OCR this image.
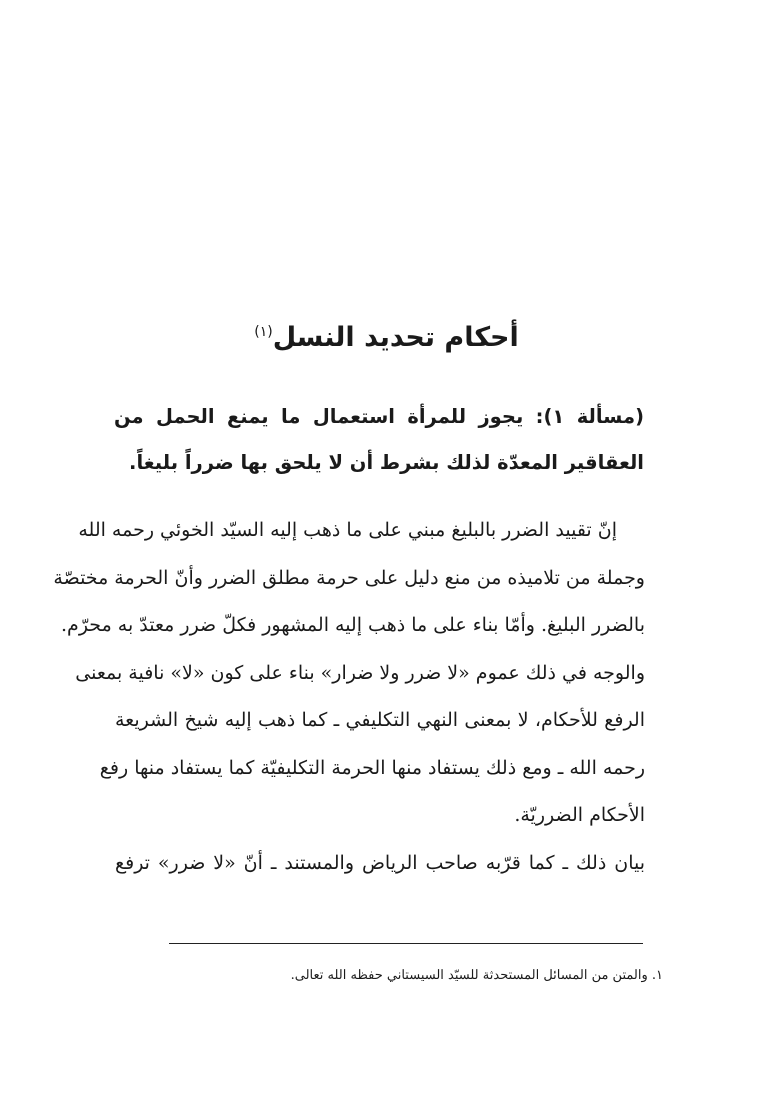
أحكام تحديد النسل$^{(١)}$
(مسألة ١): يجوز للمرأة استعمال ما يمنع الحمل من
العقاقير المعدّة لذلك بشرط أن لا يلحق بها ضرراً بليغاً.
إنّ تقييد الضرر بالبليغ مبني على ما ذهب إليه السيّد الخوئي رحمه الله
وجملة من تلاميذه من منع دليل على حرمة مطلق الضرر وأنّ الحرمة مختصّة
بالضرر البليغ. وأمّا بناء على ما ذهب إليه المشهور فكلّ ضرر معتدّ به محرّم.
والوجه في ذلك عموم «لا ضرر ولا ضرار» بناء على كون «لا» نافية بمعنى
الرفع للأحكام، لا بمعنى النهي التكليفي ـ كما ذهب إليه شيخ الشريعة
رحمه الله ـ ومع ذلك يستفاد منها الحرمة التكليفيّة كما يستفاد منها رفع
الأحكام الضرريّة.
بيان ذلك ـ كما قرّبه صاحب الرياض والمستند ـ أنّ «لا ضرر» ترفع
١. والمتن من المسائل المستحدثة للسيّد السيستاني حفظه الله تعالى.
